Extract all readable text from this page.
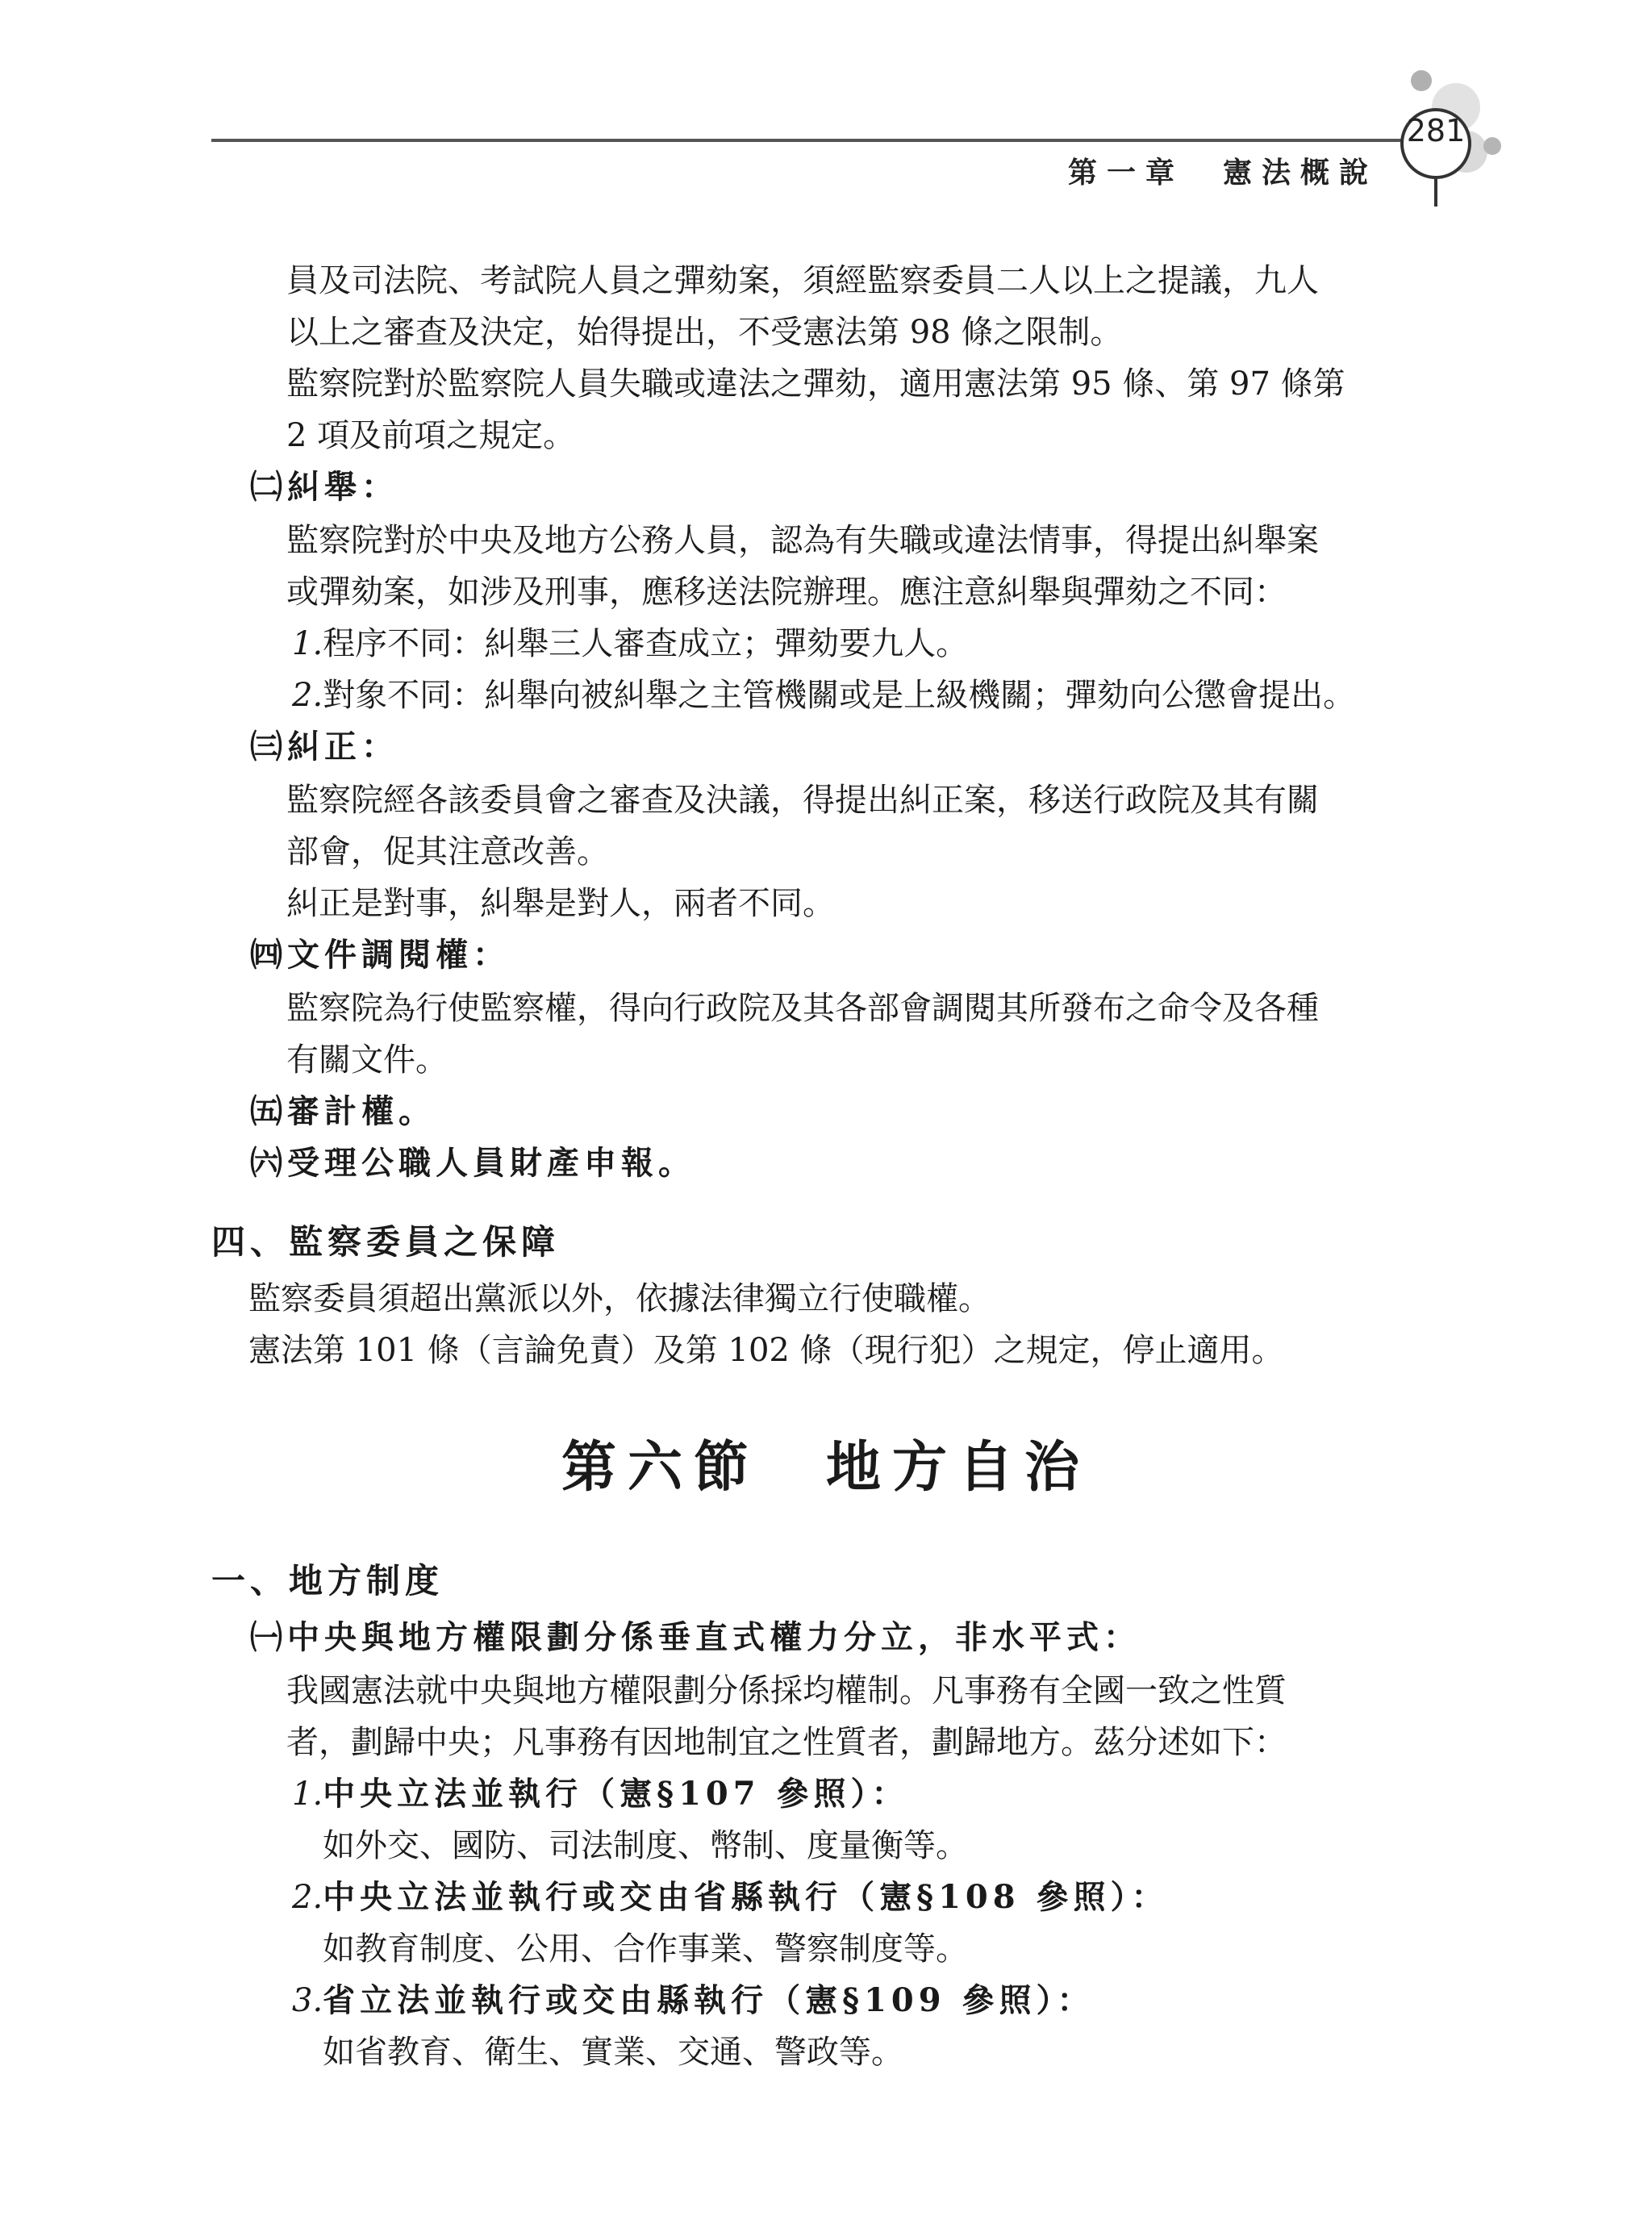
第一章　憲法概說
281
員及司法院、考試院人員之彈劾案，須經監察委員二人以上之提議，九人
以上之審查及決定，始得提出，不受憲法第 98 條之限制。
監察院對於監察院人員失職或違法之彈劾，適用憲法第 95 條、第 97 條第
2 項及前項之規定。
㈡糾舉：
監察院對於中央及地方公務人員，認為有失職或違法情事，得提出糾舉案
或彈劾案，如涉及刑事，應移送法院辦理。應注意糾舉與彈劾之不同：
1.程序不同：糾舉三人審查成立；彈劾要九人。
2.對象不同：糾舉向被糾舉之主管機關或是上級機關；彈劾向公懲會提出。
㈢糾正：
監察院經各該委員會之審查及決議，得提出糾正案，移送行政院及其有關
部會，促其注意改善。
糾正是對事，糾舉是對人，兩者不同。
㈣文件調閱權：
監察院為行使監察權，得向行政院及其各部會調閱其所發布之命令及各種
有關文件。
㈤審計權。
㈥受理公職人員財產申報。
四、監察委員之保障
監察委員須超出黨派以外，依據法律獨立行使職權。
憲法第 101 條（言論免責）及第 102 條（現行犯）之規定，停止適用。
第六節　地方自治
一、地方制度
㈠中央與地方權限劃分係垂直式權力分立，非水平式：
我國憲法就中央與地方權限劃分係採均權制。凡事務有全國一致之性質
者，劃歸中央；凡事務有因地制宜之性質者，劃歸地方。茲分述如下：
1.中央立法並執行（憲§107 參照）：
如外交、國防、司法制度、幣制、度量衡等。
2.中央立法並執行或交由省縣執行（憲§108 參照）：
如教育制度、公用、合作事業、警察制度等。
3.省立法並執行或交由縣執行（憲§109 參照）：
如省教育、衛生、實業、交通、警政等。
